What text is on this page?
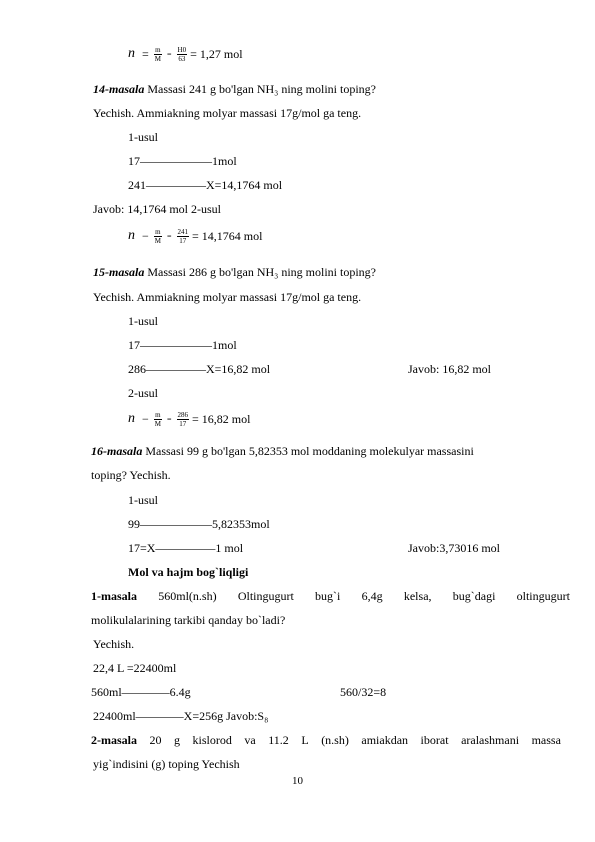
$n = \frac{m}{M} = \frac{H0}{63} = 1,27$ mol
14-masala Massasi 241 g bo'lgan NH₃ ning molini toping?
Yechish. Ammiakning molyar massasi 17g/mol ga teng.
1-usul
17——————1mol
241—————X=14,1764 mol
Javob: 14,1764 mol 2-usul
$n - \frac{m}{M} = \frac{241}{17} = 14,1764$ mol
15-masala Massasi 286 g bo'lgan NH₃ ning molini toping?
Yechish. Ammiakning molyar massasi 17g/mol ga teng.
1-usul
17——————1mol
286—————X=16,82 mol	Javob: 16,82 mol
2-usul
$n - \frac{m}{M} = \frac{286}{17} = 16,82$ mol
16-masala Massasi 99 g bo'lgan 5,82353 mol moddaning molekulyar massasini
toping? Yechish.
1-usul
99——————5,82353mol
17=X—————1 mol	Javob:3,73016 mol
Mol va hajm bog`liqligi
1-masala 560ml(n.sh) Oltingugurt bug`i 6,4g kelsa, bug`dagi oltingugurt
molikulalarining tarkibi qanday bo`ladi?
Yechish.
22,4 L =22400ml
560ml————6.4g	560/32=8
22400ml————X=256g Javob:S₈
2-masala 20 g kislorod va 11.2 L (n.sh) amiakdan iborat aralashmani massa
yig`indisini (g) toping Yechish
10
